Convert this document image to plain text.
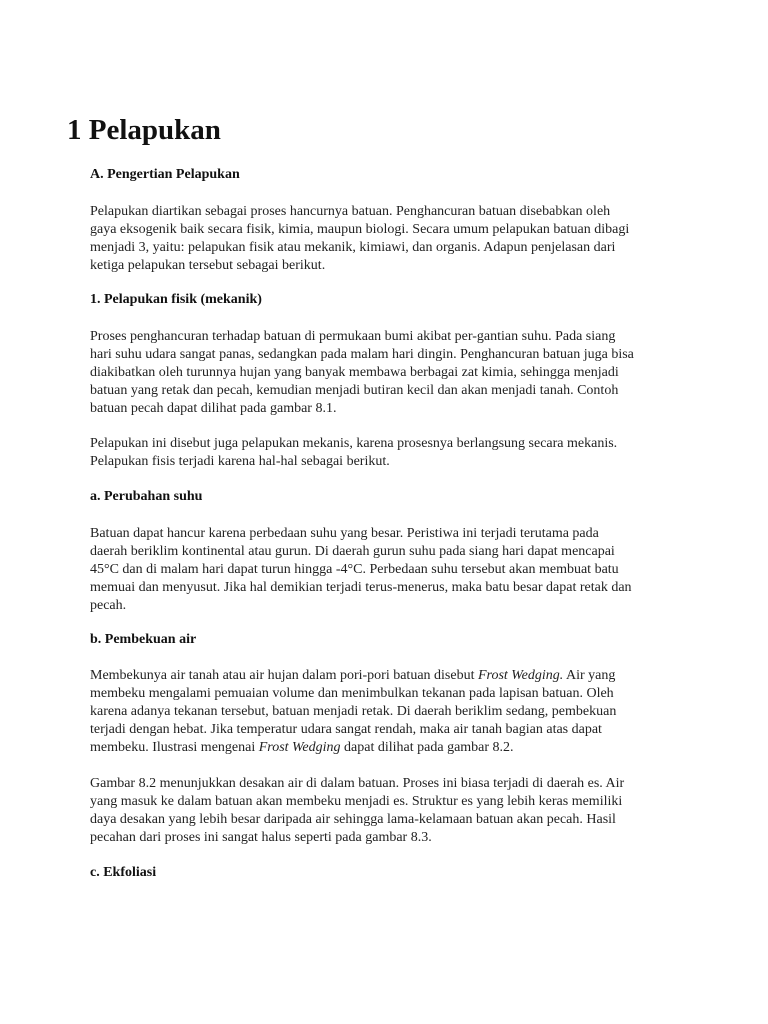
1 Pelapukan
A. Pengertian Pelapukan
Pelapukan diartikan sebagai proses hancurnya batuan. Penghancuran batuan disebabkan oleh
gaya eksogenik baik secara fisik, kimia, maupun biologi. Secara umum pelapukan batuan dibagi
menjadi 3, yaitu: pelapukan fisik atau mekanik, kimiawi, dan organis. Adapun penjelasan dari
ketiga pelapukan tersebut sebagai berikut.
1. Pelapukan fisik (mekanik)
Proses penghancuran terhadap batuan di permukaan bumi akibat per-gantian suhu. Pada siang
hari suhu udara sangat panas, sedangkan pada malam hari dingin. Penghancuran batuan juga bisa
diakibatkan oleh turunnya hujan yang banyak membawa berbagai zat kimia, sehingga menjadi
batuan yang retak dan pecah, kemudian menjadi butiran kecil dan akan menjadi tanah. Contoh
batuan pecah dapat dilihat pada gambar 8.1.
Pelapukan ini disebut juga pelapukan mekanis, karena prosesnya berlangsung secara mekanis.
Pelapukan fisis terjadi karena hal-hal sebagai berikut.
a. Perubahan suhu
Batuan dapat hancur karena perbedaan suhu yang besar. Peristiwa ini terjadi terutama pada
daerah beriklim kontinental atau gurun. Di daerah gurun suhu pada siang hari dapat mencapai
45°C dan di malam hari dapat turun hingga -4°C. Perbedaan suhu tersebut akan membuat batu
memuai dan menyusut. Jika hal demikian terjadi terus-menerus, maka batu besar dapat retak dan
pecah.
b. Pembekuan air
Membekunya air tanah atau air hujan dalam pori-pori batuan disebut Frost Wedging. Air yang
membeku mengalami pemuaian volume dan menimbulkan tekanan pada lapisan batuan. Oleh
karena adanya tekanan tersebut, batuan menjadi retak. Di daerah beriklim sedang, pembekuan
terjadi dengan hebat. Jika temperatur udara sangat rendah, maka air tanah bagian atas dapat
membeku. Ilustrasi mengenai Frost Wedging dapat dilihat pada gambar 8.2.
Gambar 8.2 menunjukkan desakan air di dalam batuan. Proses ini biasa terjadi di daerah es. Air
yang masuk ke dalam batuan akan membeku menjadi es. Struktur es yang lebih keras memiliki
daya desakan yang lebih besar daripada air sehingga lama-kelamaan batuan akan pecah. Hasil
pecahan dari proses ini sangat halus seperti pada gambar 8.3.
c. Ekfoliasi
